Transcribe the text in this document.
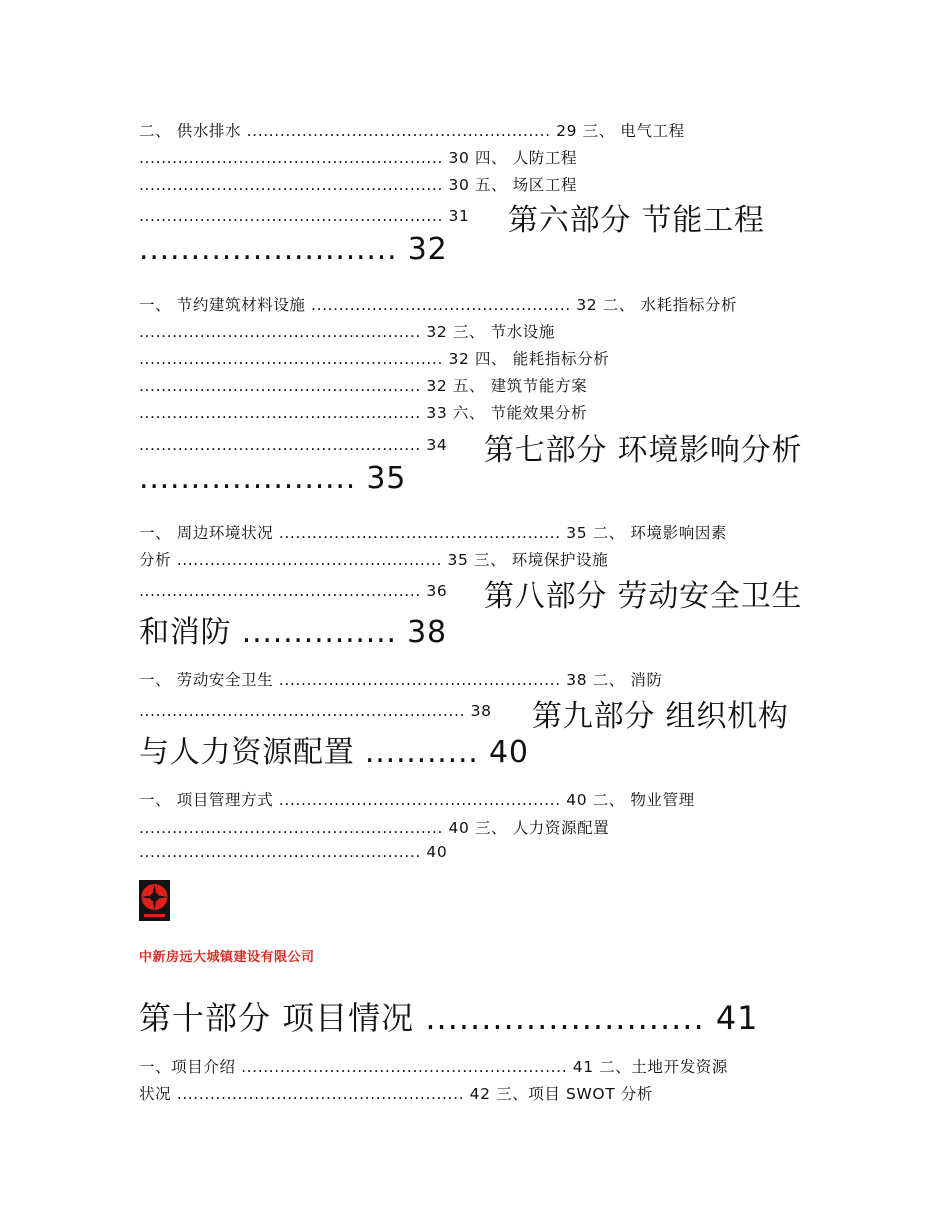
二、 供水排水 ....................................................... 29 三、 电气工程
....................................................... 30 四、 人防工程
....................................................... 30 五、 场区工程
....................................................... 31 第六部分 节能工程
......................... 32
一、 节约建筑材料设施 ............................................... 32 二、 水耗指标分析
................................................... 32 三、 节水设施
....................................................... 32 四、 能耗指标分析
................................................... 32 五、 建筑节能方案
................................................... 33 六、 节能效果分析
................................................... 34 第七部分 环境影响分析
..................... 35
一、 周边环境状况 ................................................... 35 二、 环境影响因素
分析 ................................................ 35 三、 环境保护设施
................................................... 36 第八部分 劳动安全卫生
和消防 ............... 38
一、 劳动安全卫生 ................................................... 38 二、 消防
........................................................... 38 第九部分 组织机构
与人力资源配置 ........... 40
一、 项目管理方式 ................................................... 40 二、 物业管理
....................................................... 40 三、 人力资源配置
................................................... 40
中新房远大城镇建设有限公司
第十部分 项目情况 ......................... 41
一、项目介绍 ........................................................... 41 二、土地开发资源
状况 .................................................... 42 三、项目 SWOT 分析
